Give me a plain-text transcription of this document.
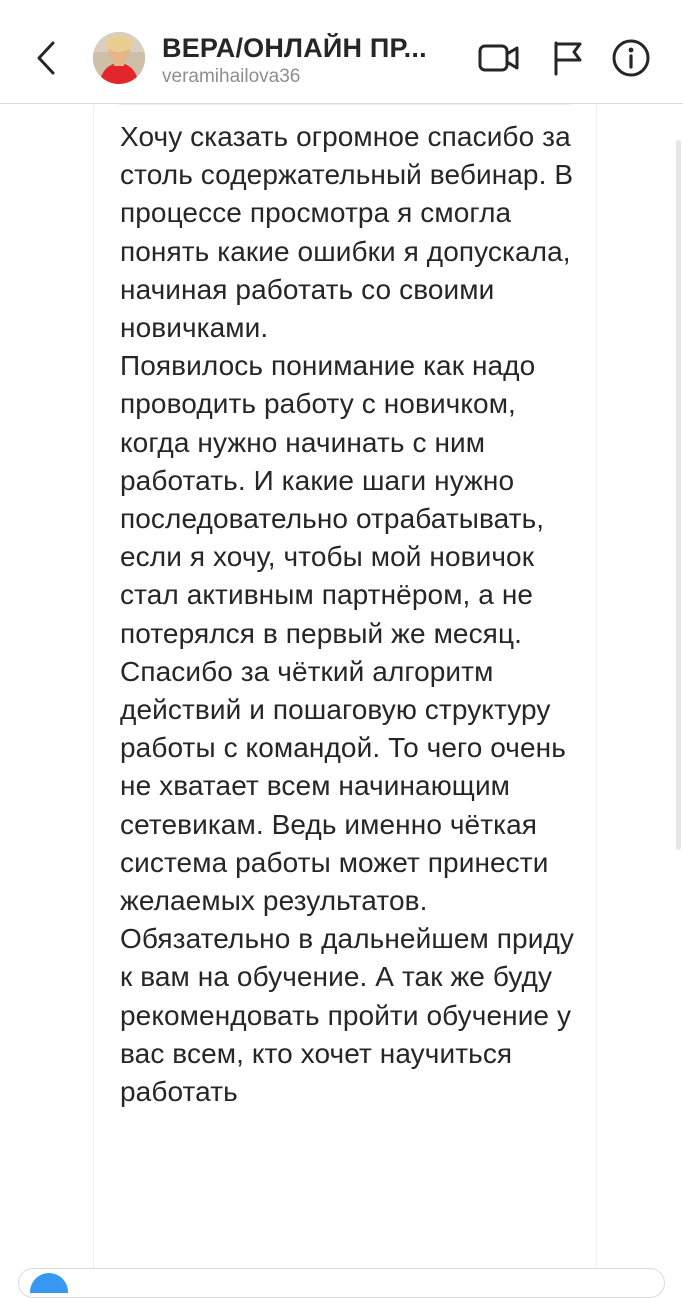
ВЕРА/ОНЛАЙН ПР...
veramihailova36

Хочу сказать огромное спасибо за столь содержательный вебинар. В процессе просмотра я смогла понять какие ошибки я допускала, начиная работать со своими новичками.

Появилось понимание как надо проводить работу с новичком, когда нужно начинать с ним работать. И какие шаги нужно последовательно отрабатывать, если я хочу, чтобы мой новичок стал активным партнёром, а не потерялся в первый же месяц.

Спасибо за чёткий алгоритм действий и пошаговую структуру работы с командой. То чего очень не хватает всем начинающим сетевикам. Ведь именно чёткая система работы может принести желаемых результатов.

Обязательно в дальнейшем приду к вам на обучение. А так же буду рекомендовать пройти обучение у вас всем, кто хочет научиться работать
